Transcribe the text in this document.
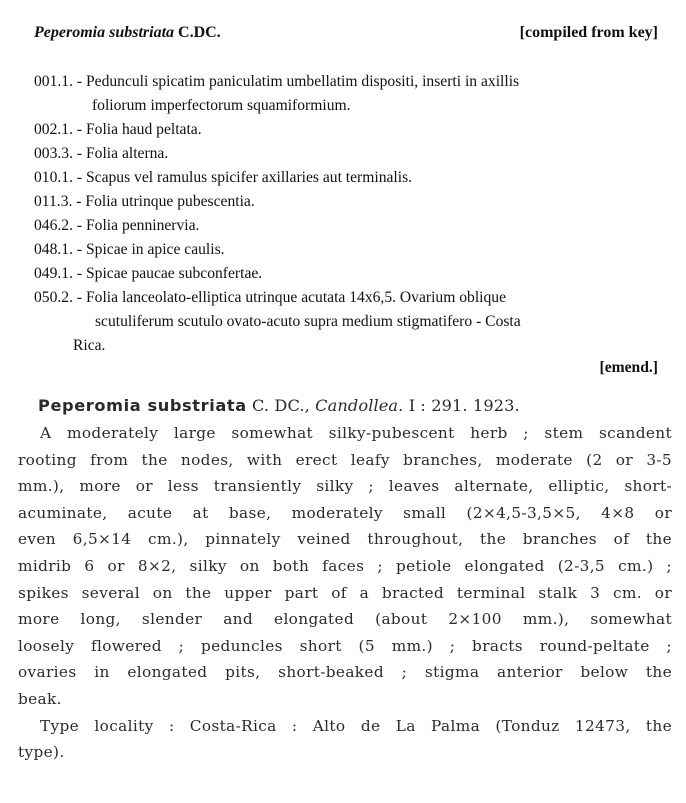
Peperomia substriata C.DC.	[compiled from key]
001.1. - Pedunculi spicatim paniculatim umbellatim dispositi, inserti in axillis
foliorum imperfectorum squamiformium.
002.1. - Folia haud peltata.
003.3. - Folia alterna.
010.1. - Scapus vel ramulus spicifer axillaries aut terminalis.
011.3. - Folia utrinque pubescentia.
046.2. - Folia penninervia.
048.1. - Spicae in apice caulis.
049.1. - Spicae paucae subconfertae.
050.2. - Folia lanceolato-elliptica utrinque acutata 14x6,5. Ovarium oblique
scutuliferum scutulo ovato-acuto supra medium stigmatifero - Costa
Rica.
[emend.]
Peperomia substriata C. DC., Candollea. I : 291. 1923.
A moderately large somewhat silky-pubescent herb ; stem scandent
rooting from the nodes, with erect leafy branches, moderate (2 or 3-5
mm.), more or less transiently silky ; leaves alternate, elliptic, short-
acuminate, acute at base, moderately small (2×4,5-3,5×5, 4×8 or
even 6,5×14 cm.), pinnately veined throughout, the branches of the
midrib 6 or 8×2, silky on both faces ; petiole elongated (2-3,5 cm.) ;
spikes several on the upper part of a bracted terminal stalk 3 cm. or
more long, slender and elongated (about 2×100 mm.), somewhat
loosely flowered ; peduncles short (5 mm.) ; bracts round-peltate ;
ovaries in elongated pits, short-beaked ; stigma anterior below the
beak.
Type locality : Costa-Rica : Alto de La Palma (Tonduz 12473, the
type).
